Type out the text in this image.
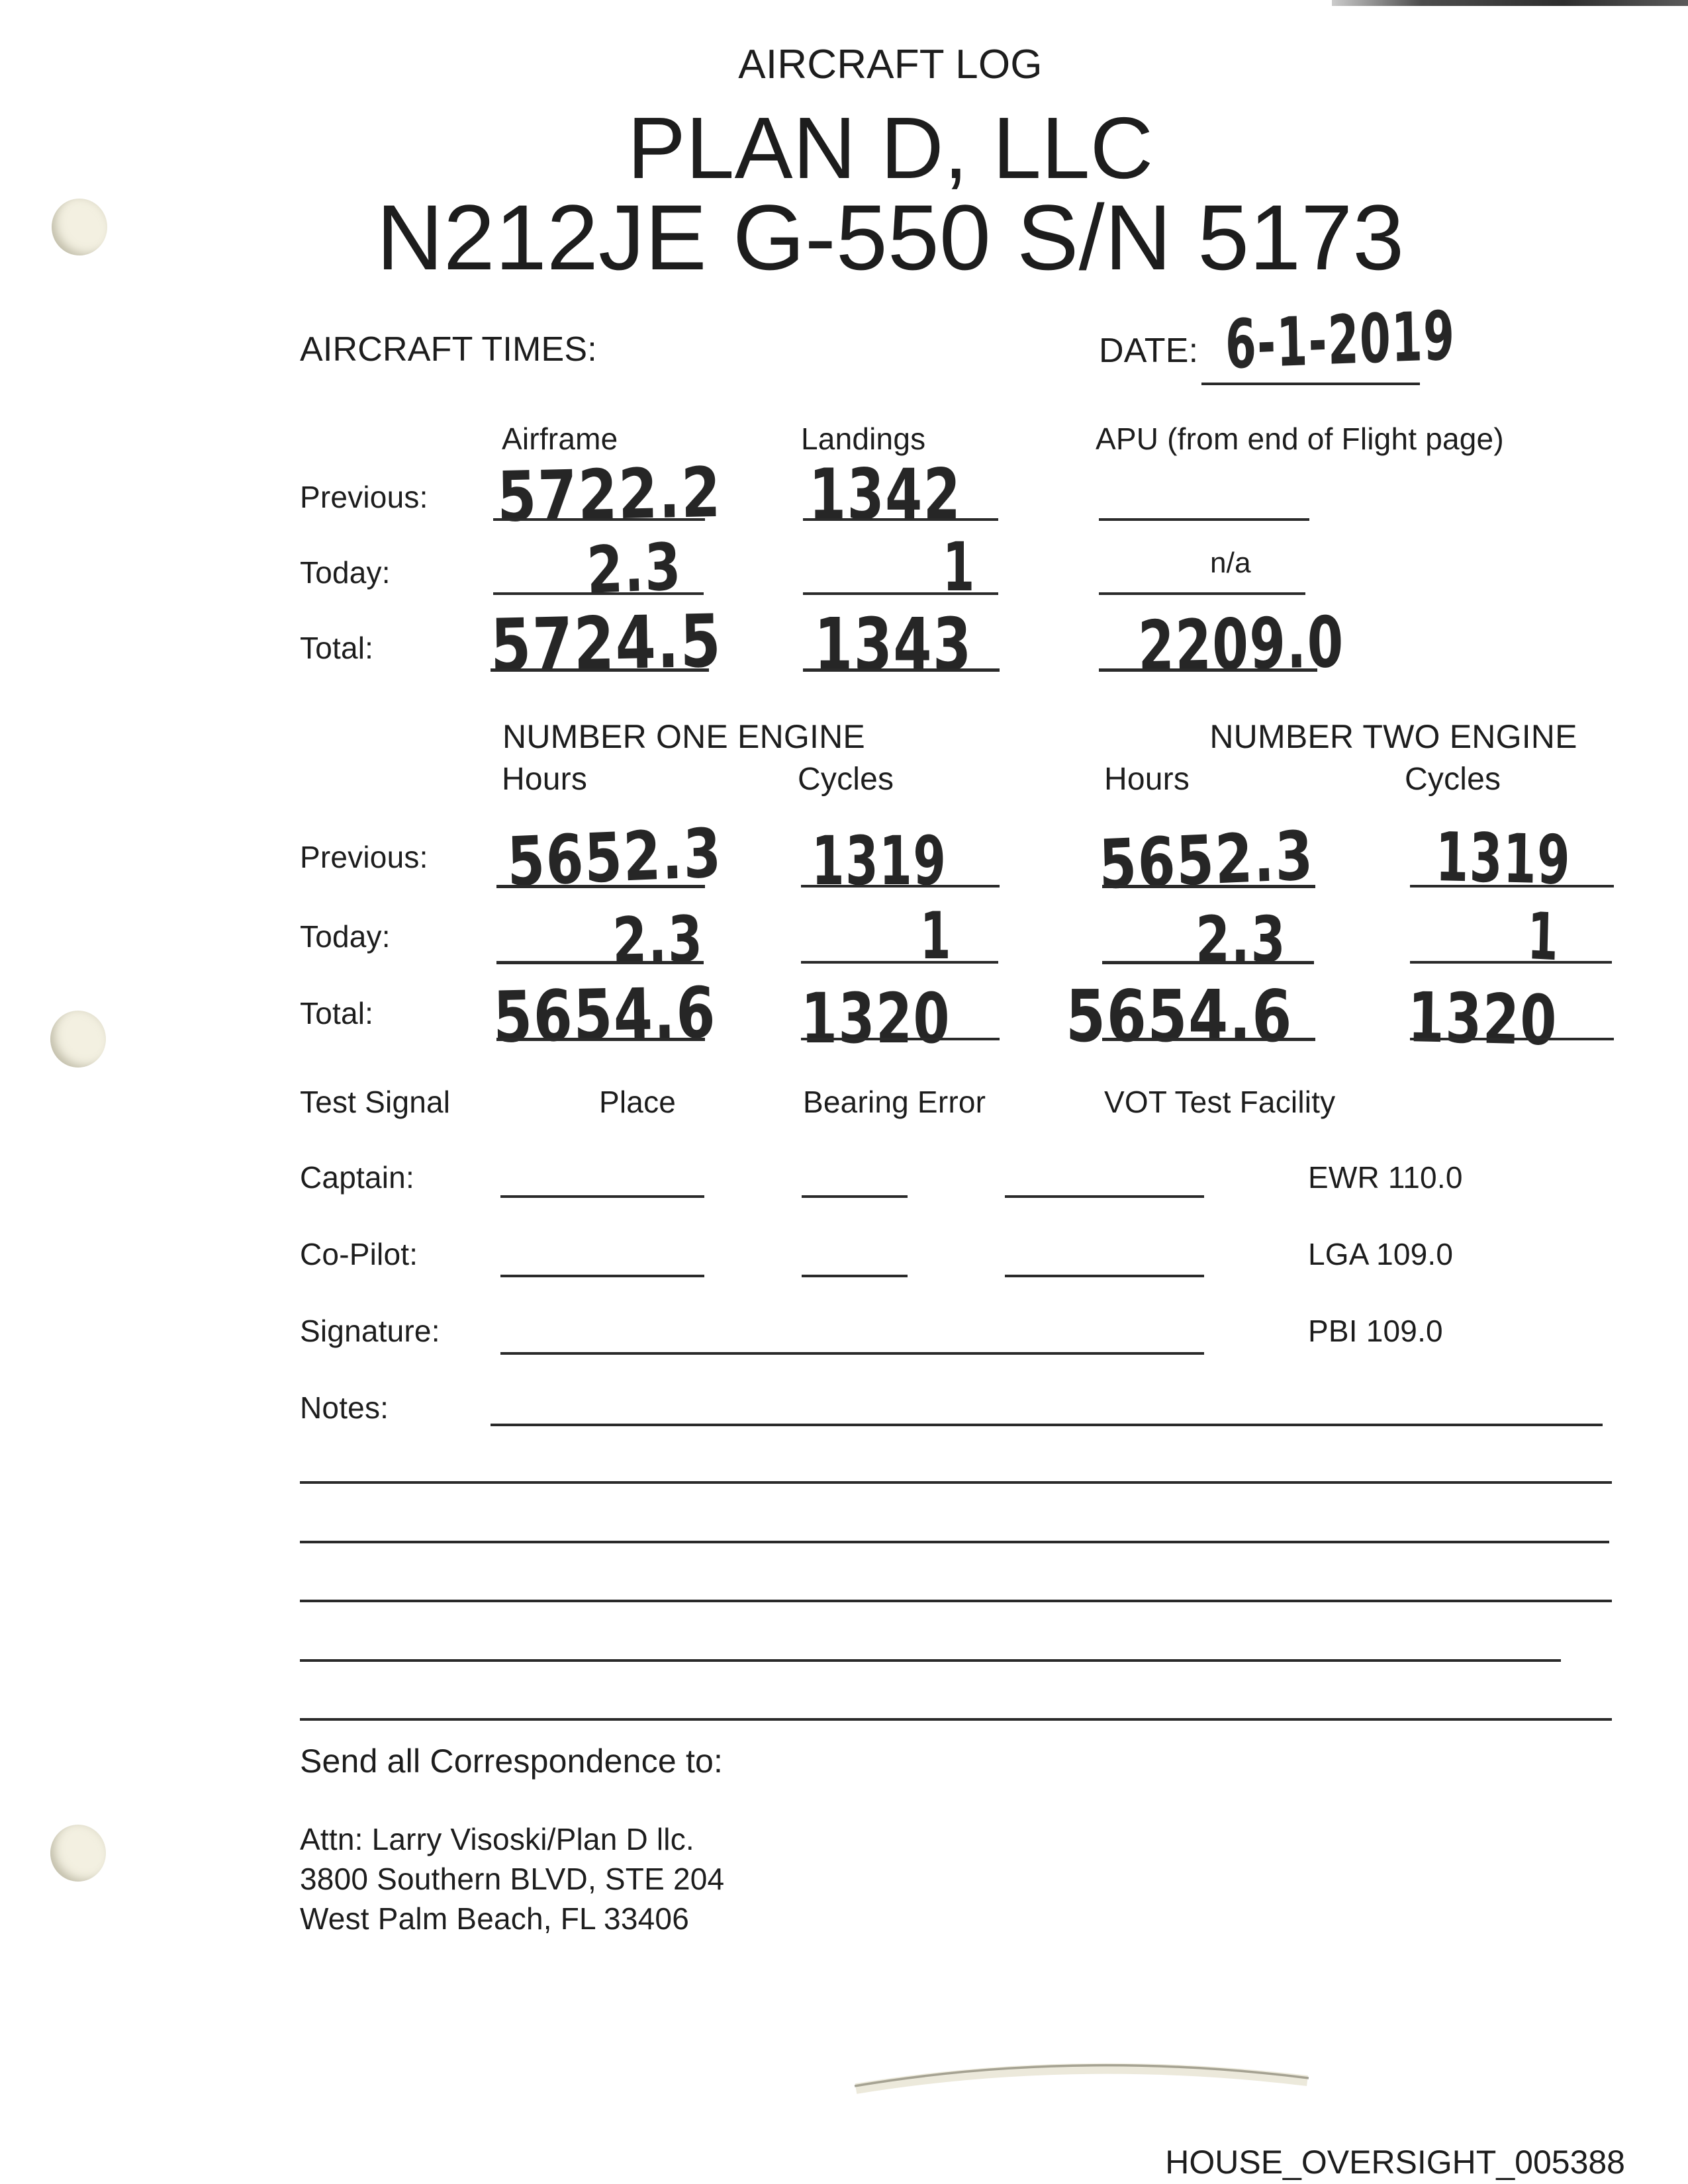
AIRCRAFT LOG
PLAN D, LLC
N212JE G-550 S/N 5173
AIRCRAFT TIMES:	DATE: 6-1-2019
Airframe	Landings	APU (from end of Flight page)
Previous: 5722.2 1342
Today:	2.3	1	n/a
Total: 5724.5 1343 2209.0
NUMBER ONE ENGINE	NUMBER TWO ENGINE
Hours	Cycles	Hours	Cycles
Previous: 5652.3 1319 5652.3 1319
Today:	2.3	1	2.3	1
Total: 5654.6 1320 5654.6 1320
Test Signal	Place	Bearing Error	VOT Test Facility
Captain:	EWR 110.0
Co-Pilot:	LGA 109.0
Signature:	PBI 109.0
Notes:
Send all Correspondence to:
Attn: Larry Visoski/Plan D llc.
3800 Southern BLVD, STE 204
West Palm Beach, FL 33406
HOUSE_OVERSIGHT_005388
